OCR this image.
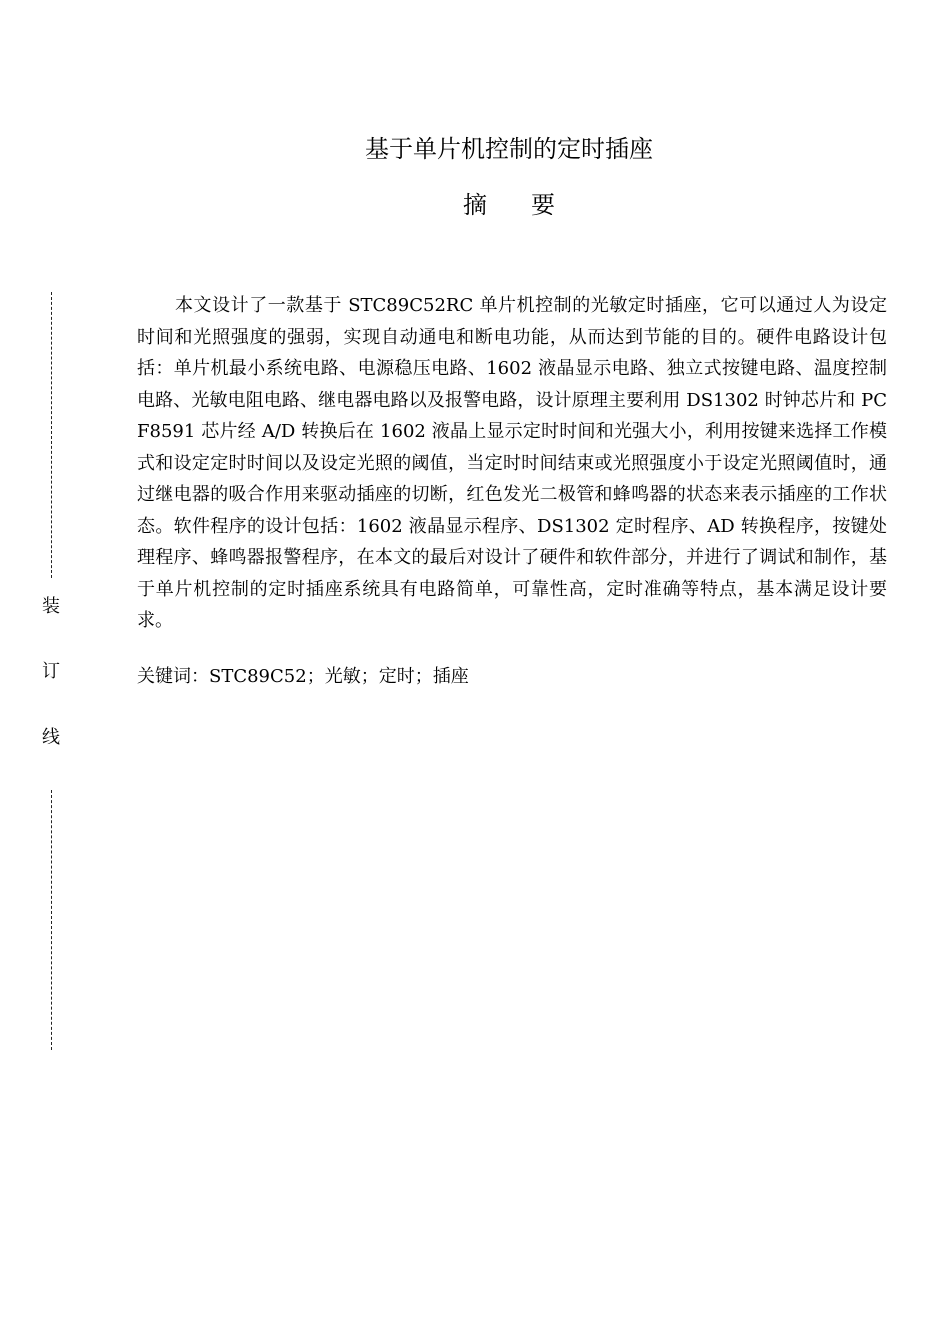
基于单片机控制的定时插座
摘要

本文设计了一款基于 STC89C52RC 单片机控制的光敏定时插座，它可以通过人为设定时间和光照强度的强弱，实现自动通电和断电功能，从而达到节能的目的。硬件电路设计包括：单片机最小系统电路、电源稳压电路、1602 液晶显示电路、独立式按键电路、温度控制电路、光敏电阻电路、继电器电路以及报警电路，设计原理主要利用 DS1302 时钟芯片和 PCF8591 芯片经 A/D 转换后在 1602 液晶上显示定时时间和光强大小，利用按键来选择工作模式和设定定时时间以及设定光照的阈值，当定时时间结束或光照强度小于设定光照阈值时，通过继电器的吸合作用来驱动插座的切断，红色发光二极管和蜂鸣器的状态来表示插座的工作状态。软件程序的设计包括：1602 液晶显示程序、DS1302 定时程序、AD 转换程序，按键处理程序、蜂鸣器报警程序，在本文的最后对设计了硬件和软件部分，并进行了调试和制作，基于单片机控制的定时插座系统具有电路简单，可靠性高，定时准确等特点，基本满足设计要求。

关键词：STC89C52；光敏；定时；插座

装
订
线
